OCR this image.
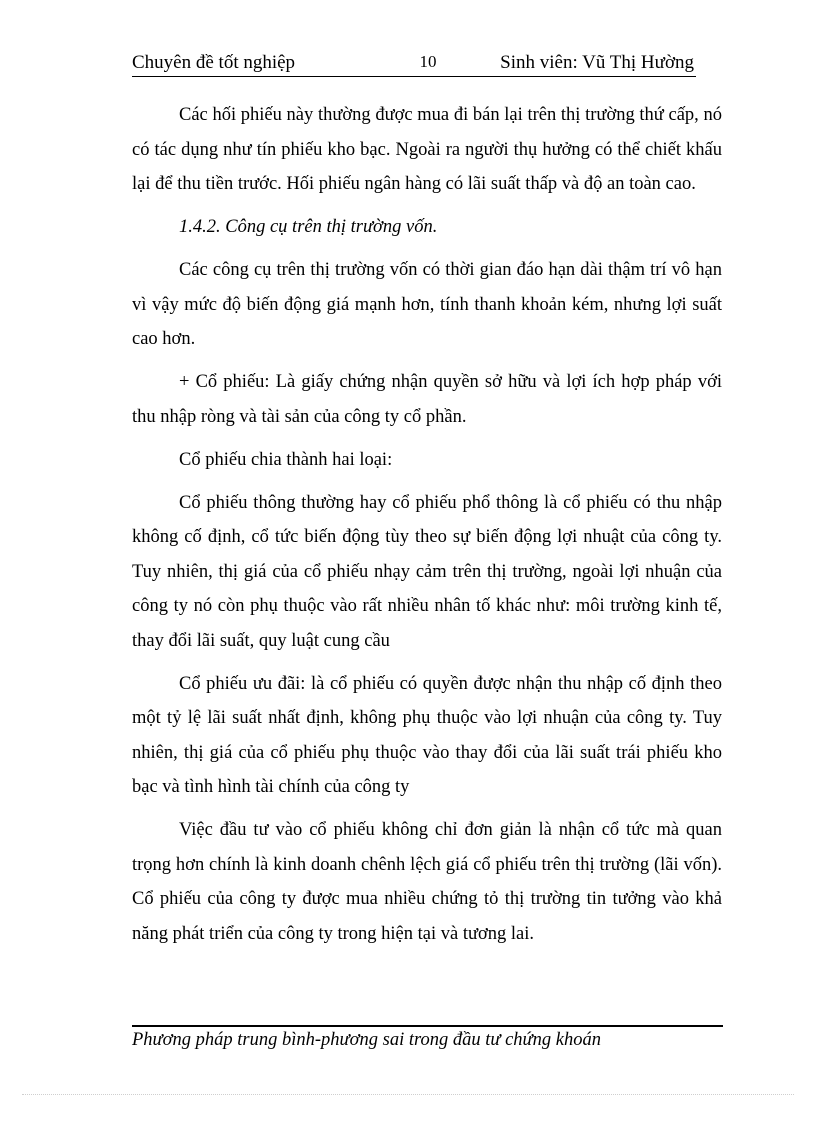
Chuyên đề tốt nghiệp	10	Sinh viên: Vũ Thị Hường

Các hối phiếu này thường được mua đi bán lại trên thị trường thứ cấp, nó có tác dụng như tín phiếu kho bạc. Ngoài ra người thụ hưởng có thể chiết khấu lại để thu tiền trước. Hối phiếu ngân hàng có lãi suất thấp và độ an toàn cao.

1.4.2. Công cụ trên thị trường vốn.

Các công cụ trên thị trường vốn có thời gian đáo hạn dài thậm trí vô hạn vì vậy mức độ biến động giá mạnh hơn, tính thanh khoản kém, nhưng lợi suất cao hơn.

+ Cổ phiếu: Là giấy chứng nhận quyền sở hữu và lợi ích hợp pháp với thu nhập ròng và tài sản của công ty cổ phần.

Cổ phiếu chia thành hai loại:

Cổ phiếu thông thường hay cổ phiếu phổ thông là cổ phiếu có thu nhập không cố định, cổ tức biến động tùy theo sự biến động lợi nhuật của công ty. Tuy nhiên, thị giá của cổ phiếu nhạy cảm trên thị trường, ngoài lợi nhuận của công ty nó còn phụ thuộc vào rất nhiều nhân tố khác như: môi trường kinh tế, thay đổi lãi suất, quy luật cung cầu

Cổ phiếu ưu đãi: là cổ phiếu có quyền được nhận thu nhập cố định theo một tỷ lệ lãi suất nhất định, không phụ thuộc vào lợi nhuận của công ty. Tuy nhiên, thị giá của cổ phiếu phụ thuộc vào thay đổi của lãi suất trái phiếu kho bạc và tình hình tài chính của công ty

Việc đầu tư vào cổ phiếu không chỉ đơn giản là nhận cổ tức mà quan trọng hơn chính là kinh doanh chênh lệch giá cổ phiếu trên thị trường (lãi vốn). Cổ phiếu của công ty được mua nhiều chứng tỏ thị trường tin tưởng vào khả năng phát triển của công ty trong hiện tại và tương lai.

Phương pháp trung bình-phương sai trong đầu tư chứng khoán
